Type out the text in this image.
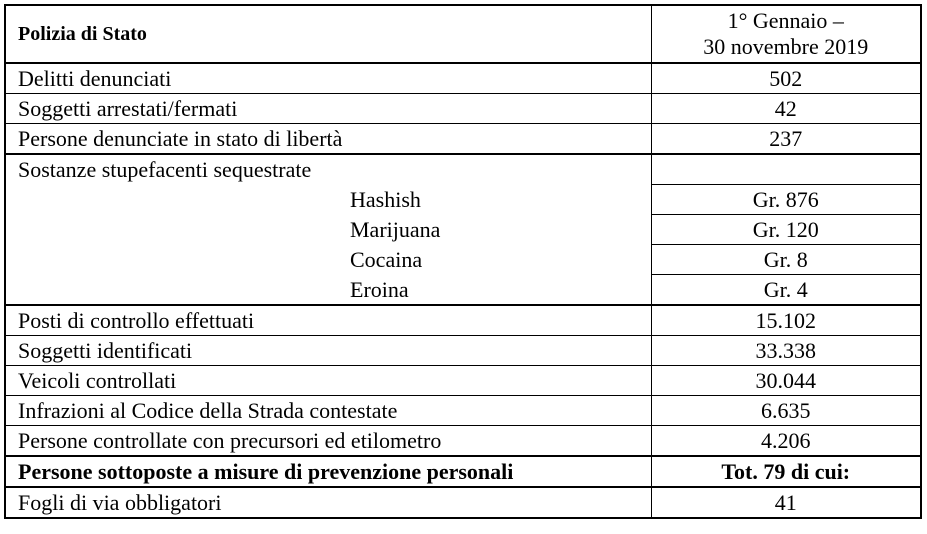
Polizia di Stato	1° Gennaio –
30 novembre 2019

Delitti denunciati	502
Soggetti arrestati/fermati	42
Persone denunciate in stato di libertà	237
Sostanze stupefacenti sequestrate	
Hashish	Gr. 876
Marijuana	Gr. 120
Cocaina	Gr. 8
Eroina	Gr. 4
Posti di controllo effettuati	15.102
Soggetti identificati	33.338
Veicoli controllati	30.044
Infrazioni al Codice della Strada contestate	6.635
Persone controllate con precursori ed etilometro	4.206
Persone sottoposte a misure di prevenzione personali	Tot. 79 di cui:
Fogli di via obbligatori	41
